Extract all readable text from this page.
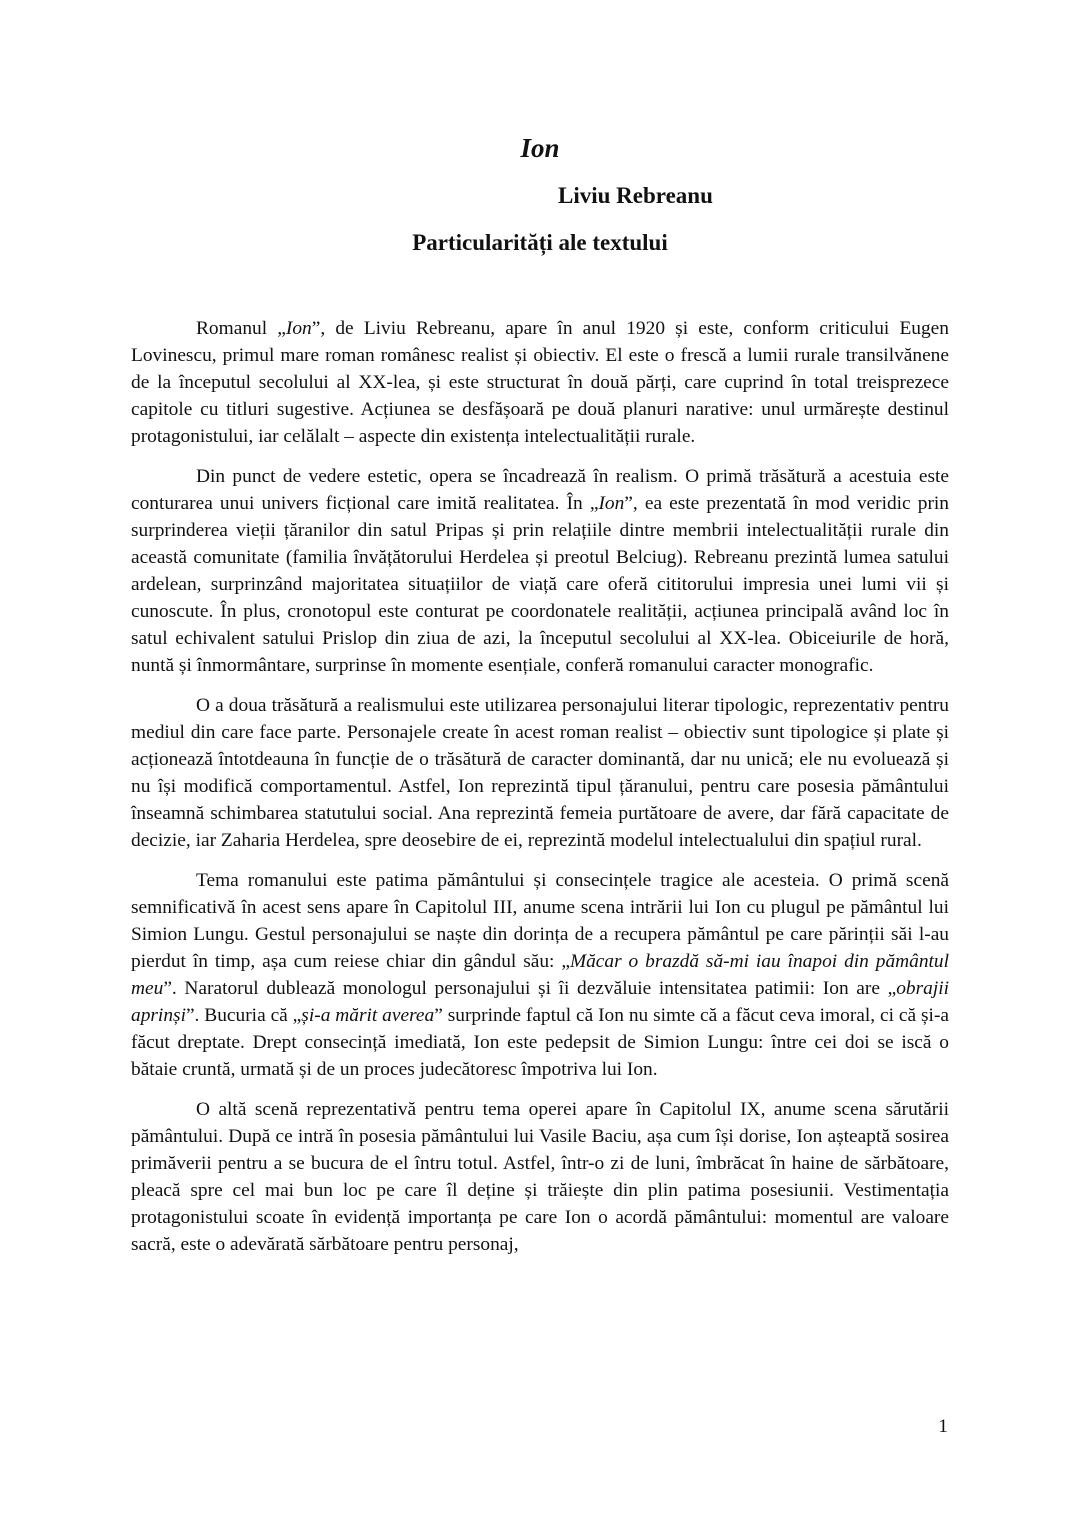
Ion
Liviu Rebreanu
Particularități ale textului

Romanul „Ion”, de Liviu Rebreanu, apare în anul 1920 și este, conform criticului Eugen Lovinescu, primul mare roman românesc realist și obiectiv. El este o frescă a lumii rurale transilvănene de la începutul secolului al XX-lea, și este structurat în două părți, care cuprind în total treisprezece capitole cu titluri sugestive. Acțiunea se desfășoară pe două planuri narative: unul urmărește destinul protagonistului, iar celălalt – aspecte din existența intelectualității rurale.

Din punct de vedere estetic, opera se încadrează în realism. O primă trăsătură a acestuia este conturarea unui univers ficțional care imită realitatea. În „Ion”, ea este prezentată în mod veridic prin surprinderea vieții țăranilor din satul Pripas și prin relațiile dintre membrii intelectualității rurale din această comunitate (familia învățătorului Herdelea și preotul Belciug). Rebreanu prezintă lumea satului ardelean, surprinzând majoritatea situațiilor de viață care oferă cititorului impresia unei lumi vii și cunoscute. În plus, cronotopul este conturat pe coordonatele realității, acțiunea principală având loc în satul echivalent satului Prislop din ziua de azi, la începutul secolului al XX-lea. Obiceiurile de horă, nuntă și înmormântare, surprinse în momente esențiale, conferă romanului caracter monografic.

O a doua trăsătură a realismului este utilizarea personajului literar tipologic, reprezentativ pentru mediul din care face parte. Personajele create în acest roman realist – obiectiv sunt tipologice și plate și acționează întotdeauna în funcție de o trăsătură de caracter dominantă, dar nu unică; ele nu evoluează și nu își modifică comportamentul. Astfel, Ion reprezintă tipul țăranului, pentru care posesia pământului înseamnă schimbarea statutului social. Ana reprezintă femeia purtătoare de avere, dar fără capacitate de decizie, iar Zaharia Herdelea, spre deosebire de ei, reprezintă modelul intelectualului din spațiul rural.

Tema romanului este patima pământului și consecințele tragice ale acesteia. O primă scenă semnificativă în acest sens apare în Capitolul III, anume scena intrării lui Ion cu plugul pe pământul lui Simion Lungu. Gestul personajului se naște din dorința de a recupera pământul pe care părinții săi l-au pierdut în timp, așa cum reiese chiar din gândul său: „Măcar o brazdă să-mi iau înapoi din pământul meu”. Naratorul dublează monologul personajului și îi dezvăluie intensitatea patimii: Ion are „obrajii aprinși”. Bucuria că „și-a mărit averea” surprinde faptul că Ion nu simte că a făcut ceva imoral, ci că și-a făcut dreptate. Drept consecință imediată, Ion este pedepsit de Simion Lungu: între cei doi se iscă o bătaie cruntă, urmată și de un proces judecătoresc împotriva lui Ion.

O altă scenă reprezentativă pentru tema operei apare în Capitolul IX, anume scena sărutării pământului. După ce intră în posesia pământului lui Vasile Baciu, așa cum își dorise, Ion așteaptă sosirea primăverii pentru a se bucura de el întru totul. Astfel, într-o zi de luni, îmbrăcat în haine de sărbătoare, pleacă spre cel mai bun loc pe care îl deține și trăiește din plin patima posesiunii. Vestimentația protagonistului scoate în evidență importanța pe care Ion o acordă pământului: momentul are valoare sacră, este o adevărată sărbătoare pentru personaj,

1
